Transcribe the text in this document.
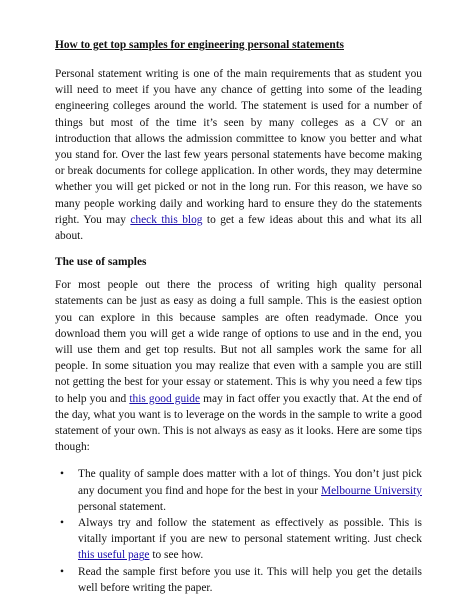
How to get top samples for engineering personal statements

Personal statement writing is one of the main requirements that as student you will need to meet if you have any chance of getting into some of the leading engineering colleges around the world. The statement is used for a number of things but most of the time it’s seen by many colleges as a CV or an introduction that allows the admission committee to know you better and what you stand for. Over the last few years personal statements have become making or break documents for college application. In other words, they may determine whether you will get picked or not in the long run. For this reason, we have so many people working daily and working hard to ensure they do the statements right. You may check this blog to get a few ideas about this and what its all about.

The use of samples

For most people out there the process of writing high quality personal statements can be just as easy as doing a full sample. This is the easiest option you can explore in this because samples are often readymade. Once you download them you will get a wide range of options to use and in the end, you will use them and get top results. But not all samples work the same for all people. In some situation you may realize that even with a sample you are still not getting the best for your essay or statement. This is why you need a few tips to help you and this good guide may in fact offer you exactly that. At the end of the day, what you want is to leverage on the words in the sample to write a good statement of your own. This is not always as easy as it looks. Here are some tips though:

• The quality of sample does matter with a lot of things. You don’t just pick any document you find and hope for the best in your Melbourne University personal statement.
• Always try and follow the statement as effectively as possible. This is vitally important if you are new to personal statement writing. Just check this useful page to see how.
• Read the sample first before you use it. This will help you get the details well before writing the paper.
